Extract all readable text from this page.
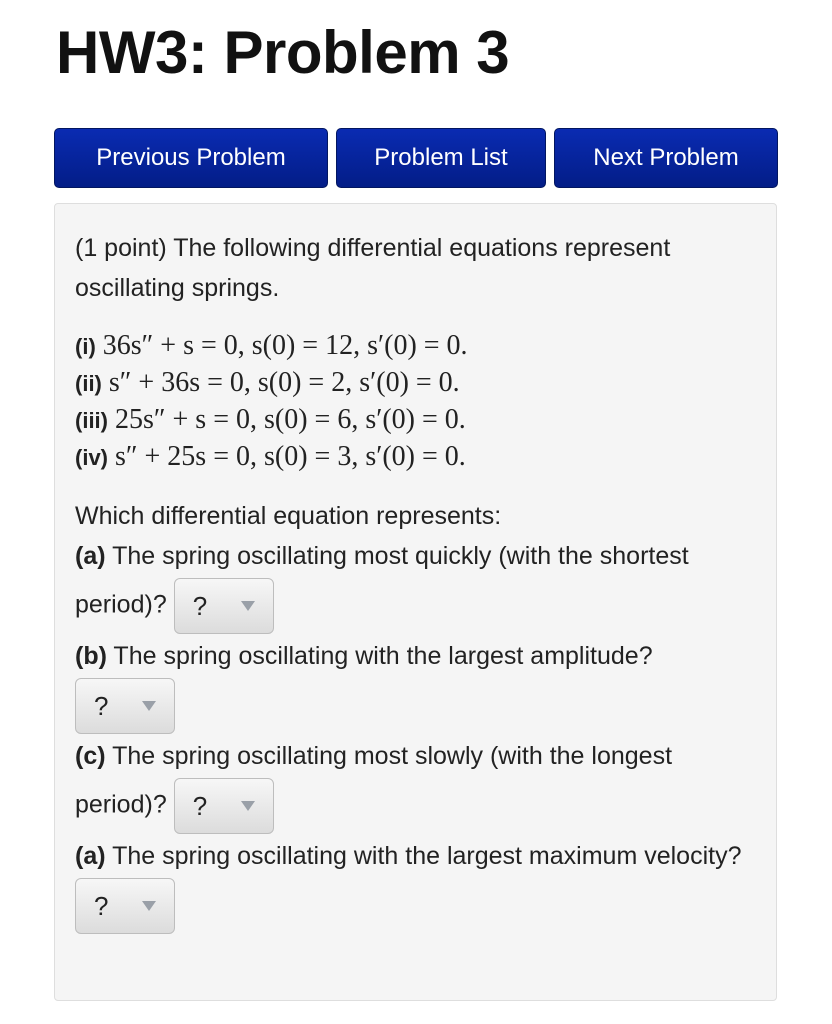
HW3: Problem 3
Previous Problem	Problem List	Next Problem

(1 point) The following differential equations represent oscillating springs.

(i) 36s″ + s = 0, s(0) = 12, s′(0) = 0.
(ii) s″ + 36s = 0, s(0) = 2, s′(0) = 0.
(iii) 25s″ + s = 0, s(0) = 6, s′(0) = 0.
(iv) s″ + 25s = 0, s(0) = 3, s′(0) = 0.

Which differential equation represents:

(a) The spring oscillating most quickly (with the shortest period)? ?

(b) The spring oscillating with the largest amplitude?
?

(c) The spring oscillating most slowly (with the longest period)? ?

(a) The spring oscillating with the largest maximum velocity?
?
